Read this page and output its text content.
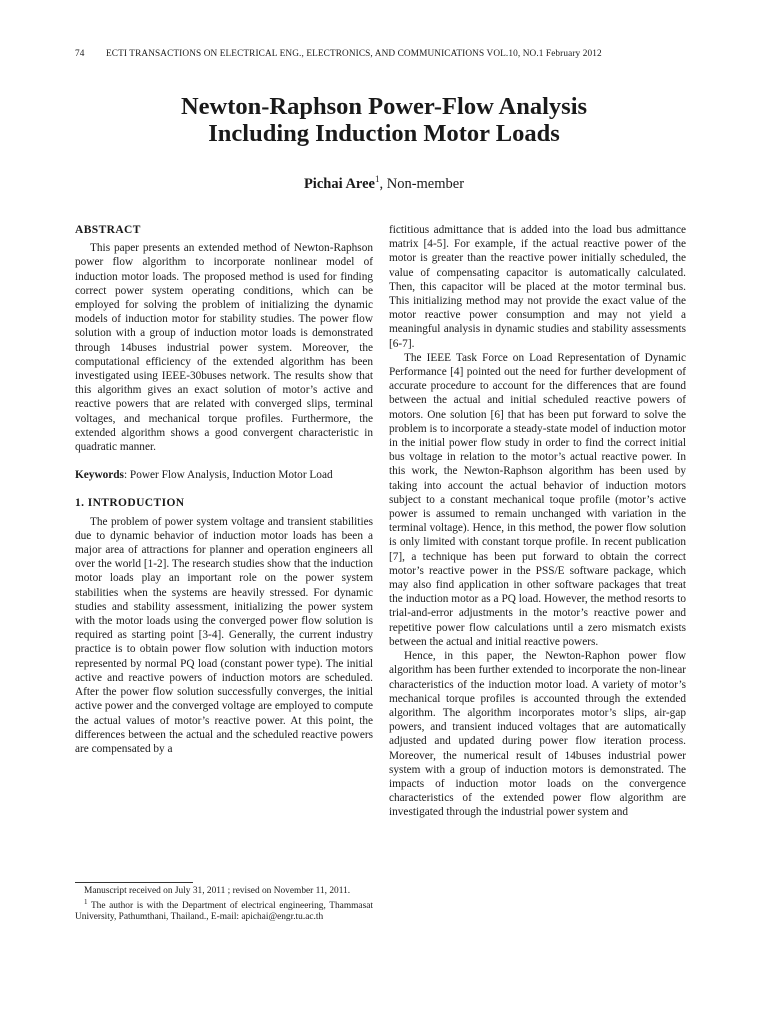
74 ECTI TRANSACTIONS ON ELECTRICAL ENG., ELECTRONICS, AND COMMUNICATIONS VOL.10, NO.1 February 2012
Newton-Raphson Power-Flow Analysis
Including Induction Motor Loads
Pichai Aree$^1$, Non-member
ABSTRACT

This paper presents an extended method of Newton-Raphson power flow algorithm to incorporate nonlinear model of induction motor loads. The proposed method is used for finding correct power system operating conditions, which can be employed for solving the problem of initializing the dynamic models of induction motor for stability studies. The power flow solution with a group of induction motor loads is demonstrated through 14buses industrial power system. Moreover, the computational efficiency of the extended algorithm has been investigated using IEEE-30buses network. The results show that this algorithm gives an exact solution of motor’s active and reactive powers that are related with converged slips, terminal voltages, and mechanical torque profiles. Furthermore, the extended algorithm shows a good convergent characteristic in quadratic manner.

Keywords: Power Flow Analysis, Induction Motor Load

1. INTRODUCTION

The problem of power system voltage and transient stabilities due to dynamic behavior of induction motor loads has been a major area of attractions for planner and operation engineers all over the world [1-2]. The research studies show that the induction motor loads play an important role on the power system stabilities when the systems are heavily stressed. For dynamic studies and stability assessment, initializing the power system with the motor loads using the converged power flow solution is required as starting point [3-4]. Generally, the current industry practice is to obtain power flow solution with induction motors represented by normal PQ load (constant power type). The initial active and reactive powers of induction motors are scheduled. After the power flow solution successfully converges, the initial active power and the converged voltage are employed to compute the actual values of motor’s reactive power. At this point, the differences between the actual and the scheduled reactive powers are compensated by a

fictitious admittance that is added into the load bus admittance matrix [4-5]. For example, if the actual reactive power of the motor is greater than the reactive power initially scheduled, the value of compensating capacitor is automatically calculated. Then, this capacitor will be placed at the motor terminal bus. This initializing method may not provide the exact value of the motor reactive power consumption and may not yield a meaningful analysis in dynamic studies and stability assessments [6-7].

The IEEE Task Force on Load Representation of Dynamic Performance [4] pointed out the need for further development of accurate procedure to account for the differences that are found between the actual and initial scheduled reactive powers of motors. One solution [6] that has been put forward to solve the problem is to incorporate a steady-state model of induction motor in the initial power flow study in order to find the correct initial bus voltage in relation to the motor’s actual reactive power. In this work, the Newton-Raphson algorithm has been used by taking into account the actual behavior of induction motors subject to a constant mechanical toque profile (motor’s active power is assumed to remain unchanged with variation in the terminal voltage). Hence, in this method, the power flow solution is only limited with constant torque profile. In recent publication [7], a technique has been put forward to obtain the correct motor’s reactive power in the PSS/E software package, which may also find application in other software packages that treat the induction motor as a PQ load. However, the method resorts to trial-and-error adjustments in the motor’s reactive power and repetitive power flow calculations until a zero mismatch exists between the actual and initial reactive powers.

Hence, in this paper, the Newton-Raphon power flow algorithm has been further extended to incorporate the non-linear characteristics of the induction motor load. A variety of motor’s mechanical torque profiles is accounted through the extended algorithm. The algorithm incorporates motor’s slips, air-gap powers, and transient induced voltages that are automatically adjusted and updated during power flow iteration process. Moreover, the numerical result of 14buses industrial power system with a group of induction motors is demonstrated. The impacts of induction motor loads on the convergence characteristics of the extended power flow algorithm are investigated through the industrial power system and

Manuscript received on July 31, 2011 ; revised on November 11, 2011.

$^1$ The author is with the Department of electrical engineering, Thammasat University, Pathumthani, Thailand., E-mail: apichai@engr.tu.ac.th
